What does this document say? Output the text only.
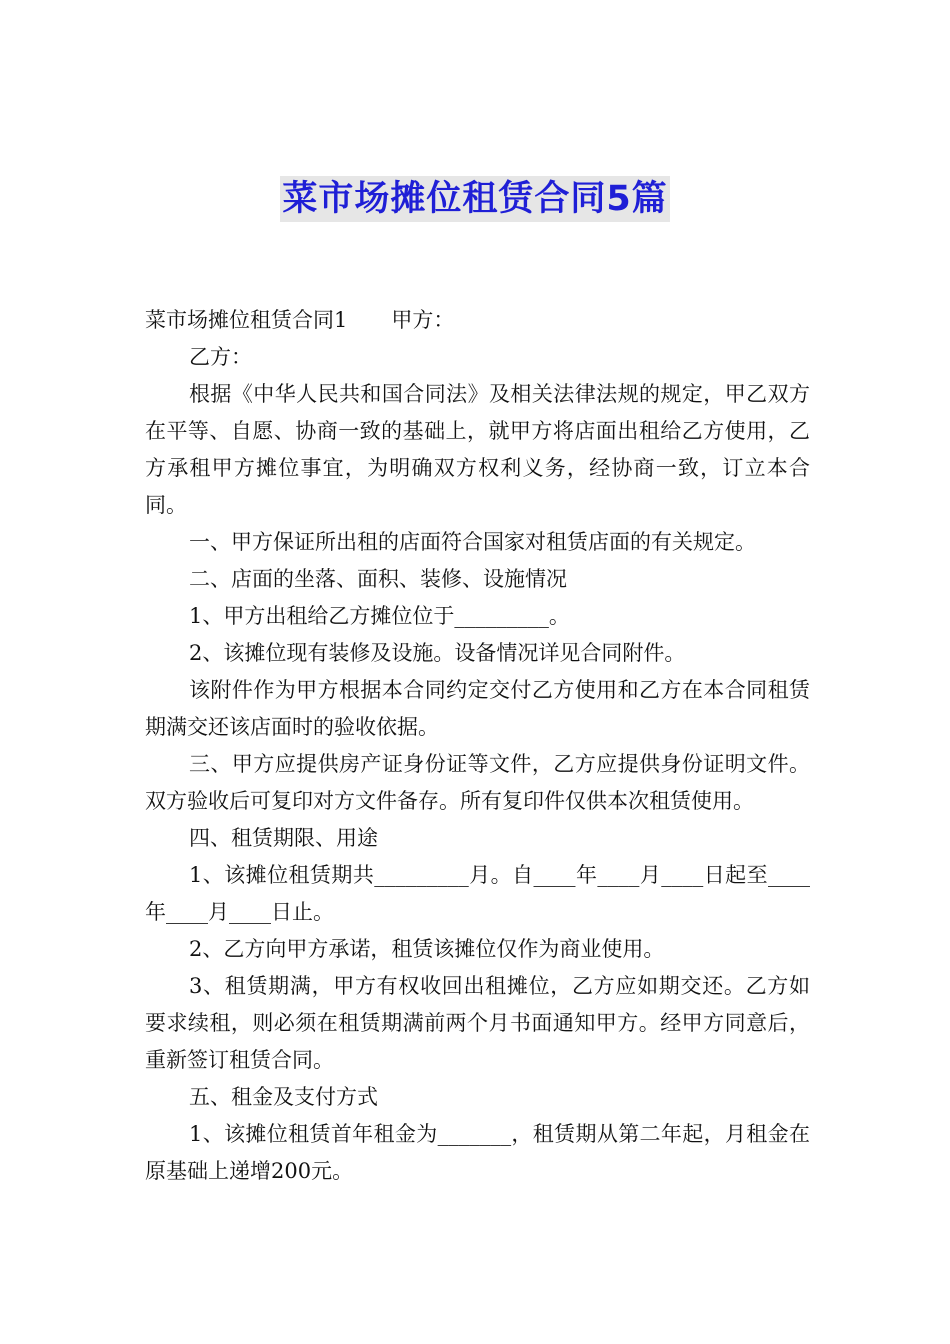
菜市场摊位租赁合同5篇

菜市场摊位租赁合同1 甲方：

乙方：

根据《中华人民共和国合同法》及相关法律法规的规定，甲乙双方在平等、自愿、协商一致的基础上，就甲方将店面出租给乙方使用，乙方承租甲方摊位事宜，为明确双方权利义务，经协商一致，订立本合同。

一、甲方保证所出租的店面符合国家对租赁店面的有关规定。

二、店面的坐落、面积、装修、设施情况

1、甲方出租给乙方摊位位于_________。

2、该摊位现有装修及设施。设备情况详见合同附件。

该附件作为甲方根据本合同约定交付乙方使用和乙方在本合同租赁期满交还该店面时的验收依据。

三、甲方应提供房产证身份证等文件，乙方应提供身份证明文件。双方验收后可复印对方文件备存。所有复印件仅供本次租赁使用。

四、租赁期限、用途

1、该摊位租赁期共_________月。自____年____月____日起至____年____月____日止。

2、乙方向甲方承诺，租赁该摊位仅作为商业使用。

3、租赁期满，甲方有权收回出租摊位，乙方应如期交还。乙方如要求续租，则必须在租赁期满前两个月书面通知甲方。经甲方同意后，重新签订租赁合同。

五、租金及支付方式

1、该摊位租赁首年租金为_______，租赁期从第二年起，月租金在原基础上递增200元。
